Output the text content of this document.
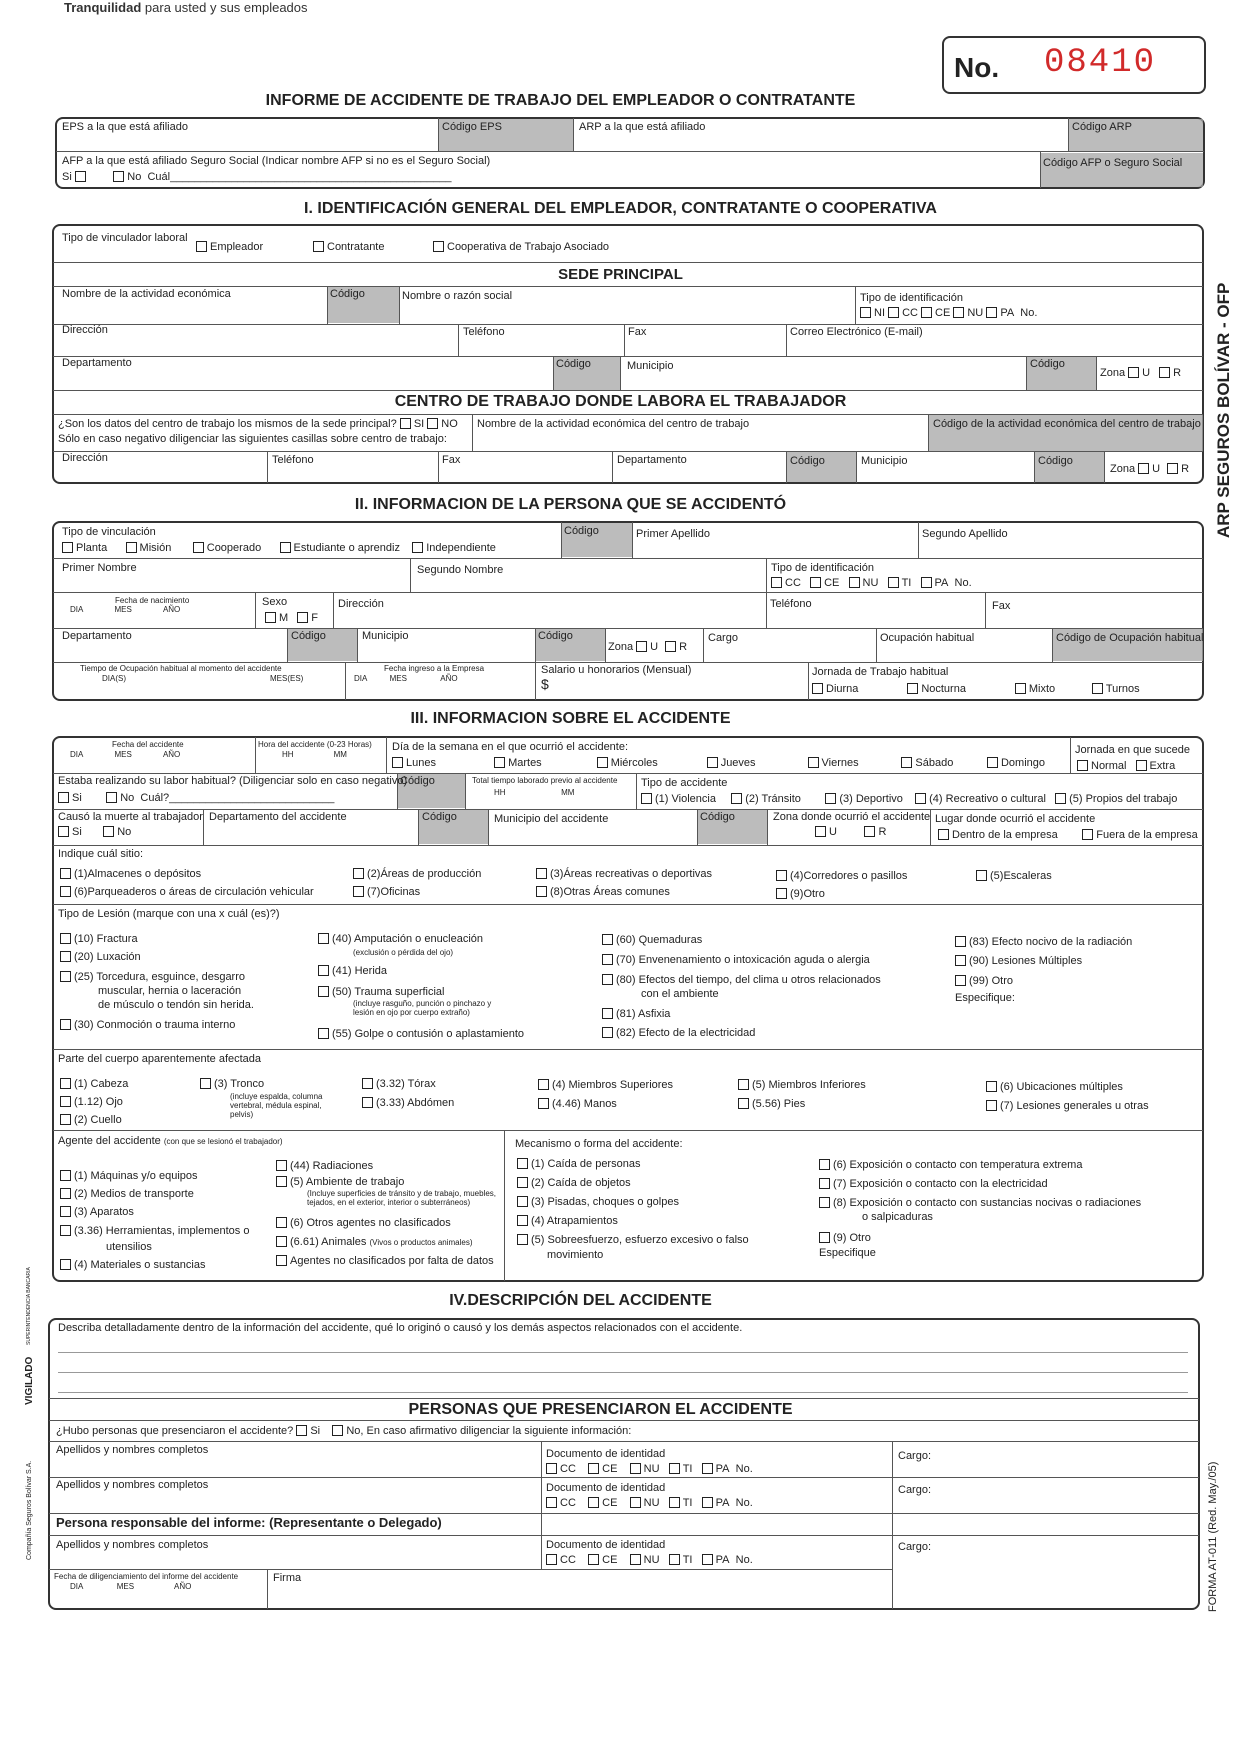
Tranquilidad para usted y sus empleados
No. 08410
INFORME DE ACCIDENTE DE TRABAJO DEL EMPLEADOR O CONTRATANTE
EPS a la que está afiliado	Código EPS	ARP a la que está afiliado	Código ARP
AFP a la que está afiliado Seguro Social (Indicar nombre AFP si no es el Seguro Social)
Si	No Cuál______________________________________________
Código AFP o Seguro Social
I. IDENTIFICACIÓN GENERAL DEL EMPLEADOR, CONTRATANTE O COOPERATIVA
Tipo de vinculador laboral
Empleador	Contratante	Cooperativa de Trabajo Asociado
SEDE PRINCIPAL
Nombre de la actividad económica	Código	Nombre o razón social	Tipo de identificación
NI CC CE NU PA No.
Dirección	Teléfono	Fax	Correo Electrónico (E-mail)
Departamento	Código	Municipio	Código
Zona U R
CENTRO DE TRABAJO DONDE LABORA EL TRABAJADOR
¿Son los datos del centro de trabajo los mismos de la sede principal? SI NO
Sólo en caso negativo diligenciar las siguientes casillas sobre centro de trabajo:
Nombre de la actividad económica del centro de trabajo	Código de la actividad económica del centro de trabajo
Dirección	Teléfono	Fax	Departamento	Código	Municipio	Código
Zona U R
II. INFORMACION DE LA PERSONA QUE SE ACCIDENTÓ
Tipo de vinculación
Planta	Misión	Cooperado	Estudiante o aprendiz Independiente
Código	Primer Apellido	Segundo Apellido
Primer Nombre	Segundo Nombre	Tipo de identificación
CC CE NU TI PA No.
Fecha de nacimiento
DIA	MES	AÑO
Sexo
M F
Dirección	Teléfono	Fax
Departamento	Código	Municipio	Código
Zona U R
Cargo	Ocupación habitual	Código de Ocupación habitual
Tiempo de Ocupación habitual al momento del accidente
DIA(S)	MES(ES)
Fecha ingreso a la Empresa
DIA	MES	AÑO
Salario u honorarios (Mensual)
$
Jornada de Trabajo habitual
Diurna	Nocturna	Mixto	Turnos
III. INFORMACION SOBRE EL ACCIDENTE
Fecha del accidente
DIA	MES	AÑO
Hora del accidente (0-23 Horas)
HH	MM
Día de la semana en el que ocurrió el accidente:
Lunes	Martes	Miércoles	Jueves	Viernes	Sábado	Domingo
Jornada en que sucede
Normal Extra
Estaba realizando su labor habitual? (Diligenciar solo en caso negativo)
Si	No Cuál?___________________________
Código	Total tiempo laborado previo al accidente
HH	MM
Tipo de accidente
(1) Violencia	(2) Tránsito	(3) Deportivo (4) Recreativo o cultural (5) Propios del trabajo
Causó la muerte al trabajador
Si	No
Departamento del accidente	Código	Municipio del accidente	Código	Zona donde ocurrió el accidente
U	R
Lugar donde ocurrió el accidente
Dentro de la empresa	Fuera de la empresa
Indique cuál sitio:
(1)Almacenes o depósitos
(6)Parqueaderos o áreas de circulación vehicular
(2)Áreas de producción
(7)Oficinas
(3)Áreas recreativas o deportivas
(8)Otras Áreas comunes
(4)Corredores o pasillos
(9)Otro
(5)Escaleras
Tipo de Lesión (marque con una x cuál (es)?)
(10) Fractura
(20) Luxación
(25) Torcedura, esguince, desgarro
muscular, hernia o laceración
de músculo o tendón sin herida.
(30) Conmoción o trauma interno
(40) Amputación o enucleación
(exclusión o pérdida del ojo)
(41) Herida
(50) Trauma superficial
(incluye rasguño, punción o pinchazo y lesión en ojo por cuerpo extraño)
(55) Golpe o contusión o aplastamiento
(60) Quemaduras
(70) Envenenamiento o intoxicación aguda o alergia
(80) Efectos del tiempo, del clima u otros relacionados
con el ambiente
(81) Asfixia
(82) Efecto de la electricidad
(83) Efecto nocivo de la radiación
(90) Lesiones Múltiples
(99) Otro
Especifique:
Parte del cuerpo aparentemente afectada
(1) Cabeza
(1.12) Ojo
(2) Cuello
(3) Tronco
(incluye espalda, columna vertebral, médula espinal, pelvis)
(3.32) Tórax
(3.33) Abdómen
(4) Miembros Superiores
(4.46) Manos
(5) Miembros Inferiores
(5.56) Pies
(6) Ubicaciones múltiples
(7) Lesiones generales u otras
Agente del accidente (con que se lesionó el trabajador)
(1) Máquinas y/o equipos
(2) Medios de transporte
(3) Aparatos
(3.36) Herramientas, implementos o
utensilios
(4) Materiales o sustancias
(44) Radiaciones
(5) Ambiente de trabajo
(Incluye superficies de tránsito y de trabajo, muebles, tejados, en el exterior, interior o subterráneos)
(6) Otros agentes no clasificados
(6.61) Animales (Vivos o productos animales)
Agentes no clasificados por falta de datos
Mecanismo o forma del accidente:
(1) Caída de personas
(2) Caída de objetos
(3) Pisadas, choques o golpes
(4) Atrapamientos
(5) Sobreesfuerzo, esfuerzo excesivo o falso
movimiento
(6) Exposición o contacto con temperatura extrema
(7) Exposición o contacto con la electricidad
(8) Exposición o contacto con sustancias nocivas o radiaciones
o salpicaduras
(9) Otro
Especifique
IV.DESCRIPCIÓN DEL ACCIDENTE
Describa detalladamente dentro de la información del accidente, qué lo originó o causó y los demás aspectos relacionados con el accidente.
PERSONAS QUE PRESENCIARON EL ACCIDENTE
¿Hubo personas que presenciaron el accidente? Si No, En caso afirmativo diligenciar la siguiente información:
Apellidos y nombres completos	Documento de identidad
CC CE NU TI PA No.
Cargo:
Apellidos y nombres completos	Documento de identidad
CC CE NU TI PA No.
Cargo:
Persona responsable del informe: (Representante o Delegado)
Apellidos y nombres completos	Documento de identidad
CC CE NU TI PA No.
Cargo:
Fecha de diligenciamiento del informe del accidente
DIA	MES	AÑO
Firma
ARP SEGUROS BOLÍVAR - OFP
FORMA AT-011 (Red. May./05)
VIGILADO
SUPERINTENDENCIA BANCARIA
Compañía Seguros Bolívar S.A.
